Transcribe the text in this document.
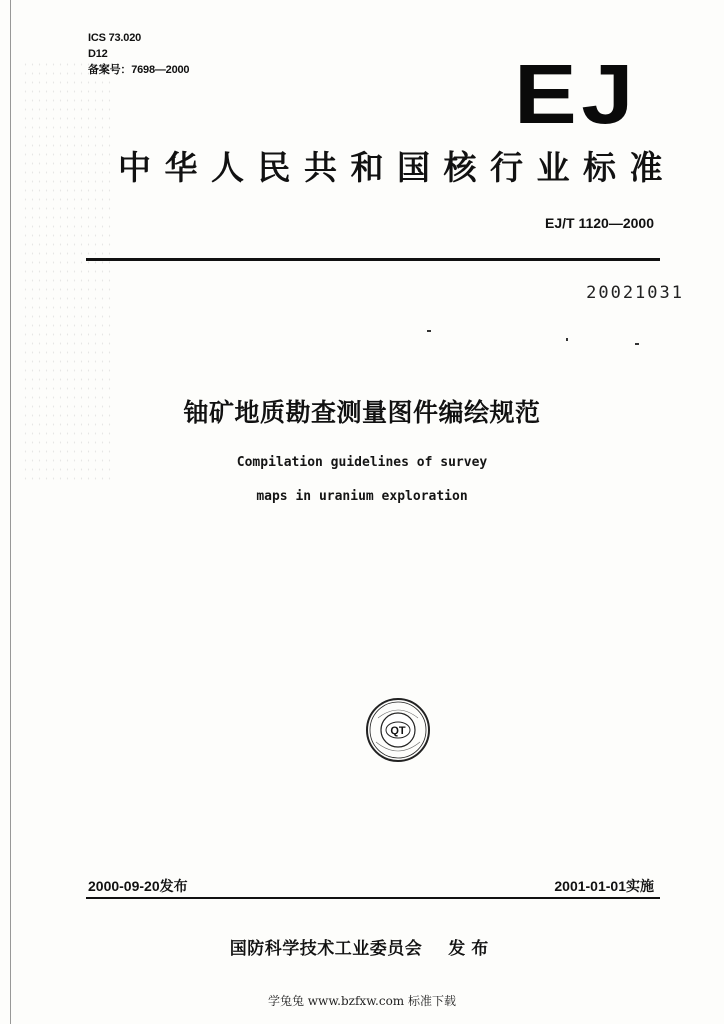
ICS 73.020
D12
备案号：7698—2000	EJ
中华人民共和国核行业标准
EJ/T 1120—2000
20021031
铀矿地质勘查测量图件编绘规范
Compilation guidelines of survey
maps in uranium exploration
QT
2000-09-20发布	2001-01-01实施
国防科学技术工业委员会 发布
学兔兔 www.bzfxw.com 标准下载
